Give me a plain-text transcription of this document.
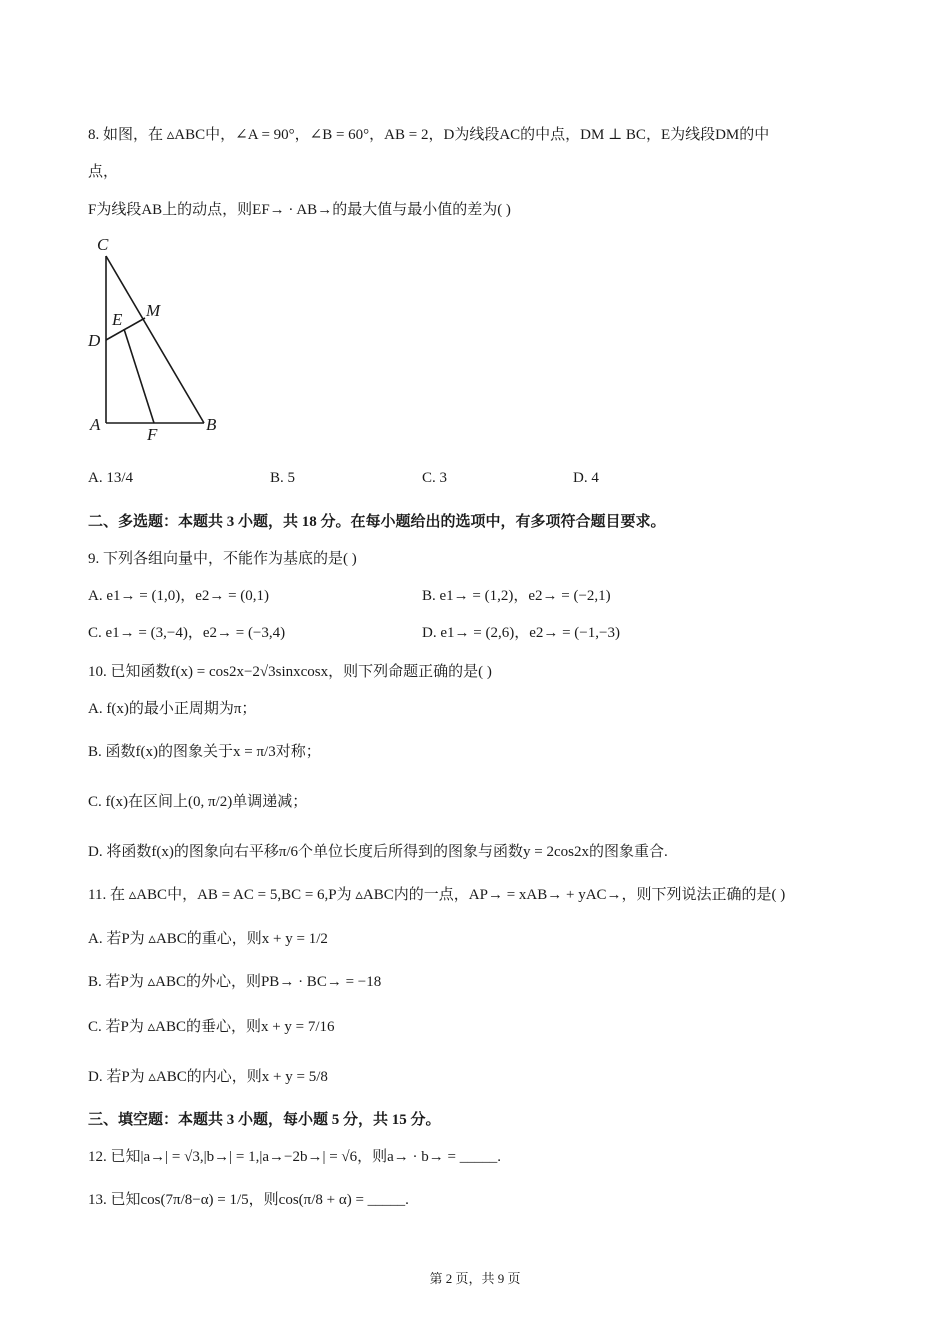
8. 如图，在 ▵ABC中，∠A = 90°，∠B = 60°，AB = 2，D为线段AC的中点，DM ⊥ BC，E为线段DM的中
点，
F为线段AB上的动点，则EF→ · AB→的最大值与最小值的差为( )
二、多选题：本题共 3 小题，共 18 分。在每小题给出的选项中，有多项符合题目要求。
9. 下列各组向量中，不能作为基底的是( )
10. 已知函数f(x) = cos2x−2√3sinxcosx，则下列命题正确的是( )
A. f(x)的最小正周期为π；
B. 函数f(x)的图象关于x = π/3对称；
C. f(x)在区间上(0, π/2)单调递减；
D. 将函数f(x)的图象向右平移π/6个单位长度后所得到的图象与函数y = 2cos2x的图象重合.
11. 在 ▵ABC中，AB = AC = 5,BC = 6,P为 ▵ABC内的一点，AP→ = xAB→ + yAC→，则下列说法正确的是( )
A. 若P为 ▵ABC的重心，则x + y = 1/2
B. 若P为 ▵ABC的外心，则PB→ · BC→ = −18
C. 若P为 ▵ABC的垂心，则x + y = 7/16
D. 若P为 ▵ABC的内心，则x + y = 5/8
三、填空题：本题共 3 小题，每小题 5 分，共 15 分。
12. 已知|a→| = √3,|b→| = 1,|a→−2b→| = √6，则a→ · b→ = _____.
13. 已知cos(7π/8−α) = 1/5，则cos(π/8 + α) = _____.
A. 13/4	B. 5	C. 3	D. 4
A. e1→ = (1,0)，e2→ = (0,1)	B. e1→ = (1,2)，e2→ = (−2,1)
C. e1→ = (3,−4)，e2→ = (−3,4)	D. e1→ = (2,6)，e2→ = (−1,−3)
C
M
E
D
A
F
B
第 2 页，共 9 页
